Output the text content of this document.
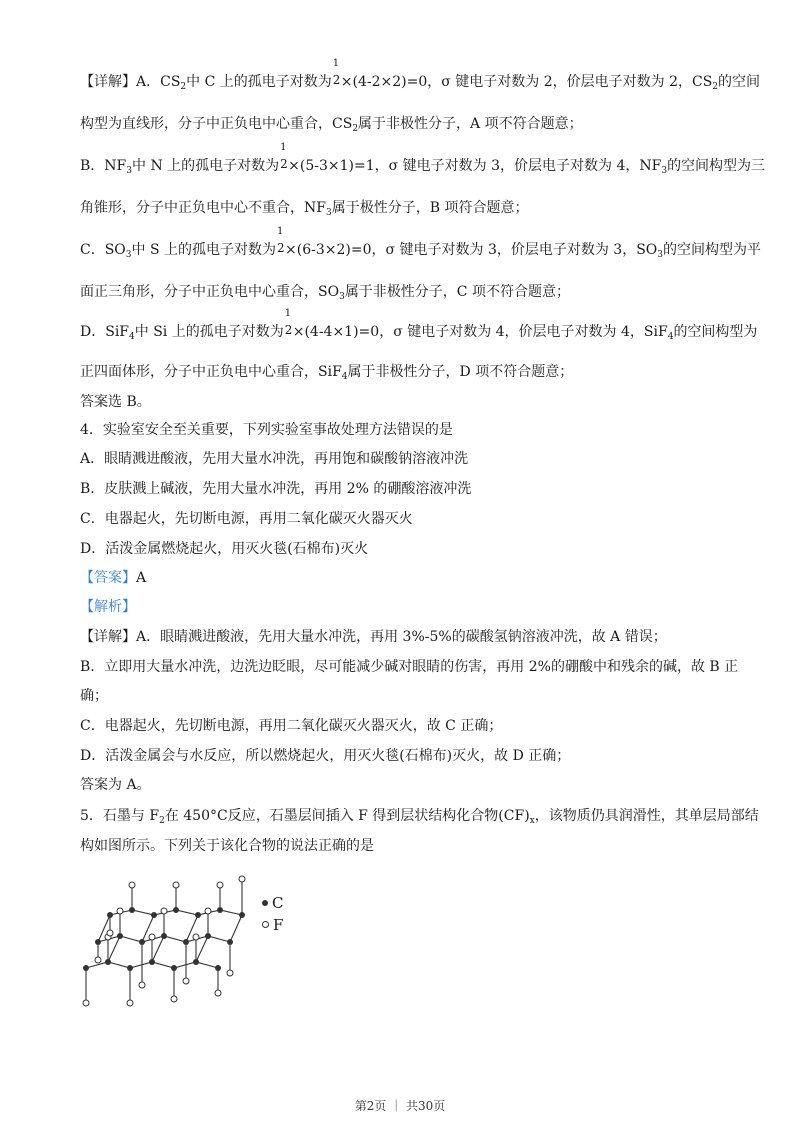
【详解】A．$CS_2$中 C 上的孤电子对数为
1
2 ×(4-2×2)=0，σ 键电子对数为 2，价层电子对数为 2，$CS_2$的空间
构型为直线形，分子中正负电中心重合，$CS_2$属于非极性分子，A 项不符合题意；
B．$NF_3$中 N 上的孤电子对数为
1
2 ×(5-3×1)=1，σ 键电子对数为 3，价层电子对数为 4，$NF_3$的空间构型为三
角锥形，分子中正负电中心不重合，$NF_3$属于极性分子，B 项符合题意；
C．$SO_3$中 S 上的孤电子对数为
1
2 ×(6-3×2)=0，σ 键电子对数为 3，价层电子对数为 3，$SO_3$的空间构型为平
面正三角形，分子中正负电中心重合，$SO_3$属于非极性分子，C 项不符合题意；
D．SiF$_4$中 Si 上的孤电子对数为
1
2 ×(4-4×1)=0，σ 键电子对数为 4，价层电子对数为 4，SiF$_4$的空间构型为
正四面体形，分子中正负电中心重合，SiF$_4$属于非极性分子，D 项不符合题意；
答案选 B。
4．实验室安全至关重要，下列实验室事故处理方法错误的是
A．眼睛溅进酸液，先用大量水冲洗，再用饱和碳酸钠溶液冲洗
B．皮肤溅上碱液，先用大量水冲洗，再用 2% 的硼酸溶液冲洗
C．电器起火，先切断电源，再用二氧化碳灭火器灭火
D．活泼金属燃烧起火，用灭火毯(石棉布)灭火
【答案】A
【解析】
【详解】A．眼睛溅进酸液，先用大量水冲洗，再用 3%-5%的碳酸氢钠溶液冲洗，故 A 错误；
B．立即用大量水冲洗，边洗边眨眼，尽可能减少碱对眼睛的伤害，再用 2%的硼酸中和残余的碱，故 B 正
确；
C．电器起火，先切断电源，再用二氧化碳灭火器灭火，故 C 正确；
D．活泼金属会与水反应，所以燃烧起火，用灭火毯(石棉布)灭火，故 D 正确；
答案为 A。
5．石墨与 $F_2$在 450°C反应，石墨层间插入 F 得到层状结构化合物$(CF)_x$，该物质仍具润滑性，其单层局部结
构如图所示。下列关于该化合物的说法正确的是
C
F
第2页 ｜ 共30页
